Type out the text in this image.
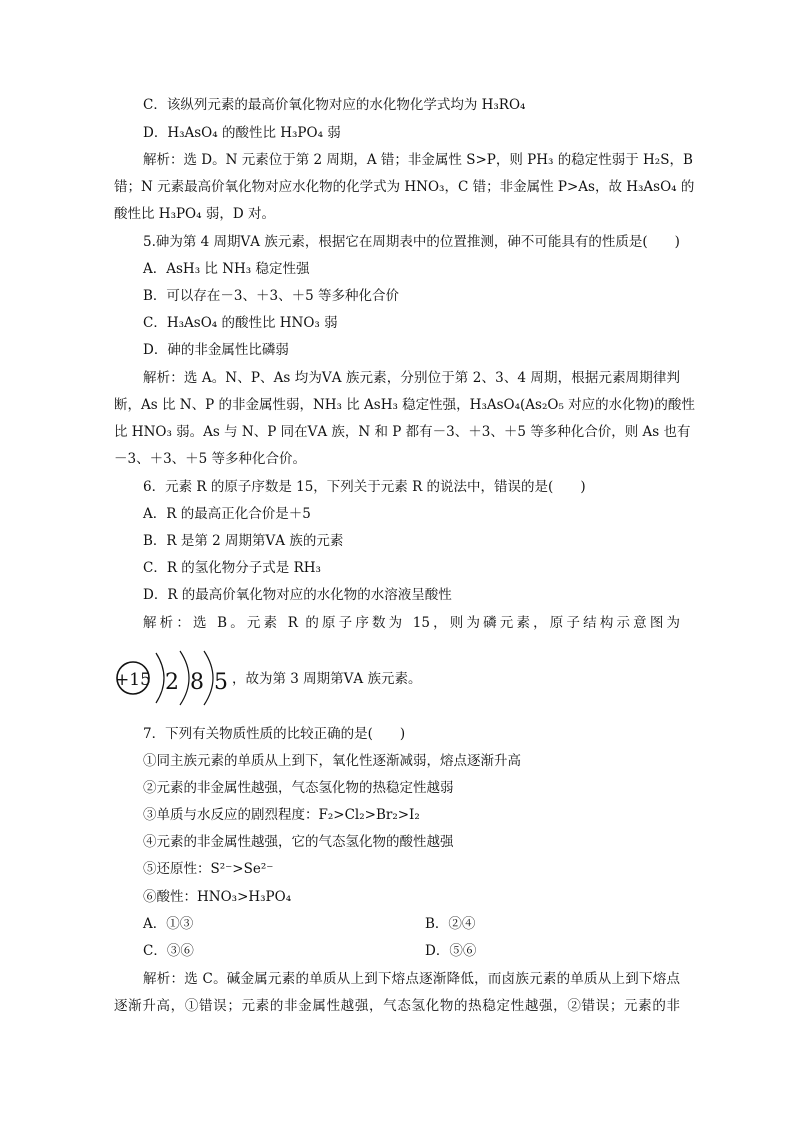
C．该纵列元素的最高价氧化物对应的水化物化学式均为 H₃RO₄
D．H₃AsO₄ 的酸性比 H₃PO₄ 弱
解析：选 D。N 元素位于第 2 周期，A 错；非金属性 S>P，则 PH₃ 的稳定性弱于 H₂S，B
错；N 元素最高价氧化物对应水化物的化学式为 HNO₃，C 错；非金属性 P>As，故 H₃AsO₄ 的
酸性比 H₃PO₄ 弱，D 对。
5.砷为第 4 周期ⅤA 族元素，根据它在周期表中的位置推测，砷不可能具有的性质是(　　)
A．AsH₃ 比 NH₃ 稳定性强
B．可以存在－3、＋3、＋5 等多种化合价
C．H₃AsO₄ 的酸性比 HNO₃ 弱
D．砷的非金属性比磷弱
解析：选 A。N、P、As 均为ⅤA 族元素，分别位于第 2、3、4 周期，根据元素周期律判
断，As 比 N、P 的非金属性弱，NH₃ 比 AsH₃ 稳定性强，H₃AsO₄(As₂O₅ 对应的水化物)的酸性
比 HNO₃ 弱。As 与 N、P 同在ⅤA 族，N 和 P 都有－3、＋3、＋5 等多种化合价，则 As 也有
－3、＋3、＋5 等多种化合价。
6．元素 R 的原子序数是 15，下列关于元素 R 的说法中，错误的是(　　)
A．R 的最高正化合价是＋5
B．R 是第 2 周期第ⅤA 族的元素
C．R 的氢化物分子式是 RH₃
D．R 的最高价氧化物对应的水化物的水溶液呈酸性
解析：选 B。元素 R 的原子序数为 15，则为磷元素，原子结构示意图为
+15 2 8 5 ，故为第 3 周期第ⅤA 族元素。
7．下列有关物质性质的比较正确的是(　　)
①同主族元素的单质从上到下，氧化性逐渐减弱，熔点逐渐升高
②元素的非金属性越强，气态氢化物的热稳定性越弱
③单质与水反应的剧烈程度：F₂>Cl₂>Br₂>I₂
④元素的非金属性越强，它的气态氢化物的酸性越强
⑤还原性：S²⁻>Se²⁻
⑥酸性：HNO₃>H₃PO₄
A．①③	B．②④
C．③⑥	D．⑤⑥
解析：选 C。碱金属元素的单质从上到下熔点逐渐降低，而卤族元素的单质从上到下熔点
逐渐升高，①错误；元素的非金属性越强，气态氢化物的热稳定性越强，②错误；元素的非
